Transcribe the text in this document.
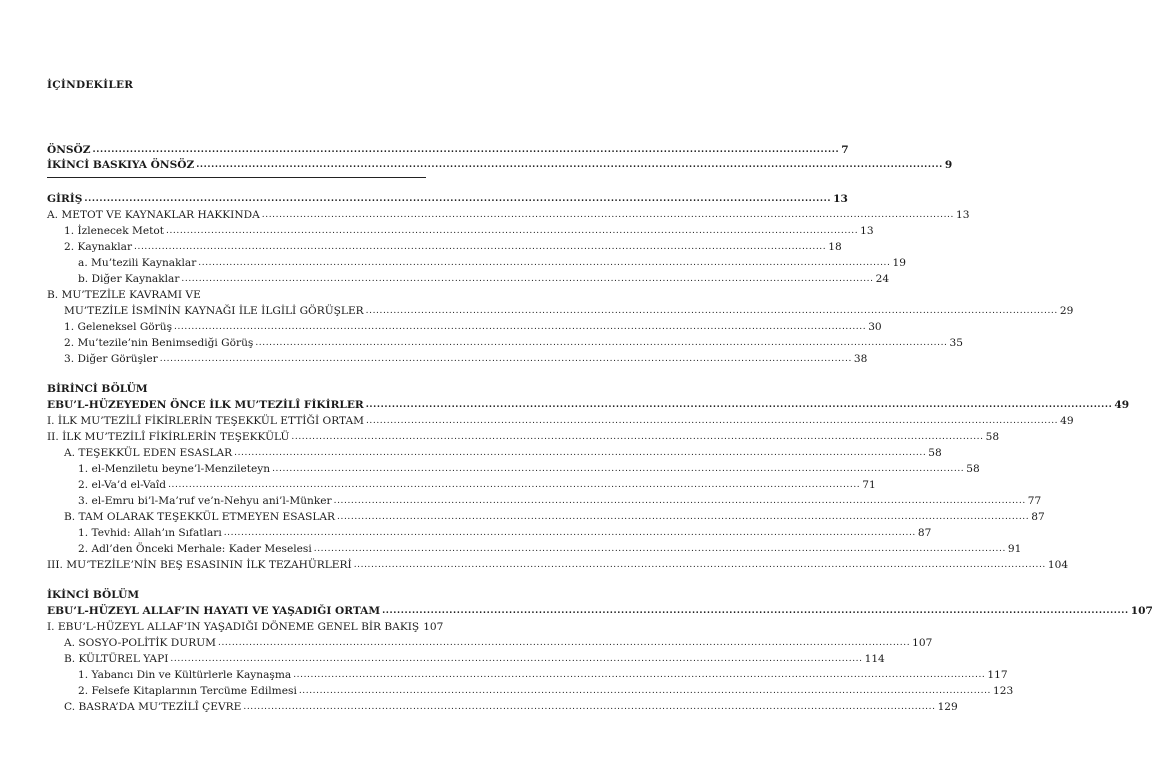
İÇİNDEKİLER
ÖNSÖZ ........................................................................................................................................................................................................ 7
İKİNCİ BASKIYA ÖNSÖZ ........................................................................................................................................................................................................ 9
GİRİŞ ........................................................................................................................................................................................................ 13
A. METOT VE KAYNAKLAR HAKKINDA ........................................................................................................................................................................................................ 13
1. İzlenecek Metot ........................................................................................................................................................................................................ 13
2. Kaynaklar ........................................................................................................................................................................................................ 18
a. Mu’tezili Kaynaklar ........................................................................................................................................................................................................ 19
b. Diğer Kaynaklar ........................................................................................................................................................................................................ 24
B. MU’TEZİLE KAVRAMI VE
MU’TEZİLE İSMİNİN KAYNAĞI İLE İLGİLİ GÖRÜŞLER ........................................................................................................................................................................................................ 29
1. Geleneksel Görüş ........................................................................................................................................................................................................ 30
2. Mu’tezile’nin Benimsediği Görüş ........................................................................................................................................................................................................ 35
3. Diğer Görüşler ........................................................................................................................................................................................................ 38
BİRİNCİ BÖLÜM
EBU’L-HÜZEYEDEN ÖNCE İLK MU’TEZİLÎ FİKİRLER ........................................................................................................................................................................................................ 49
I. İLK MU’TEZİLÎ FİKİRLERİN TEŞEKKÜL ETTİĞİ ORTAM ........................................................................................................................................................................................................ 49
II. İLK MU’TEZİLÎ FİKİRLERİN TEŞEKKÜLÜ ........................................................................................................................................................................................................ 58
A. TEŞEKKÜL EDEN ESASLAR ........................................................................................................................................................................................................ 58
1. el-Menziletu beyne’l-Menzileteyn ........................................................................................................................................................................................................ 58
2. el-Va’d el-Vaîd ........................................................................................................................................................................................................ 71
3. el-Emru bi’l-Ma’ruf ve’n-Nehyu ani’l-Münker ........................................................................................................................................................................................................ 77
B. TAM OLARAK TEŞEKKÜL ETMEYEN ESASLAR ........................................................................................................................................................................................................ 87
1. Tevhid: Allah’ın Sıfatları ........................................................................................................................................................................................................ 87
2. Adl’den Önceki Merhale: Kader Meselesi ........................................................................................................................................................................................................ 91
III. MU’TEZİLE’NİN BEŞ ESASININ İLK TEZAHÜRLERİ ........................................................................................................................................................................................................ 104
İKİNCİ BÖLÜM
EBU’L-HÜZEYL ALLAF’IN HAYATI VE YAŞADIĞI ORTAM ........................................................................................................................................................................................................ 107
I. EBU’L-HÜZEYL ALLAF’IN YAŞADIĞI DÖNEME GENEL BİR BAKIŞ 107
A. SOSYO-POLİTİK DURUM ........................................................................................................................................................................................................ 107
B. KÜLTÜREL YAPI ........................................................................................................................................................................................................ 114
1. Yabancı Din ve Kültürlerle Kaynaşma ........................................................................................................................................................................................................ 117
2. Felsefe Kitaplarının Tercüme Edilmesi ........................................................................................................................................................................................................ 123
C. BASRA’DA MU’TEZİLÎ ÇEVRE ........................................................................................................................................................................................................ 129
